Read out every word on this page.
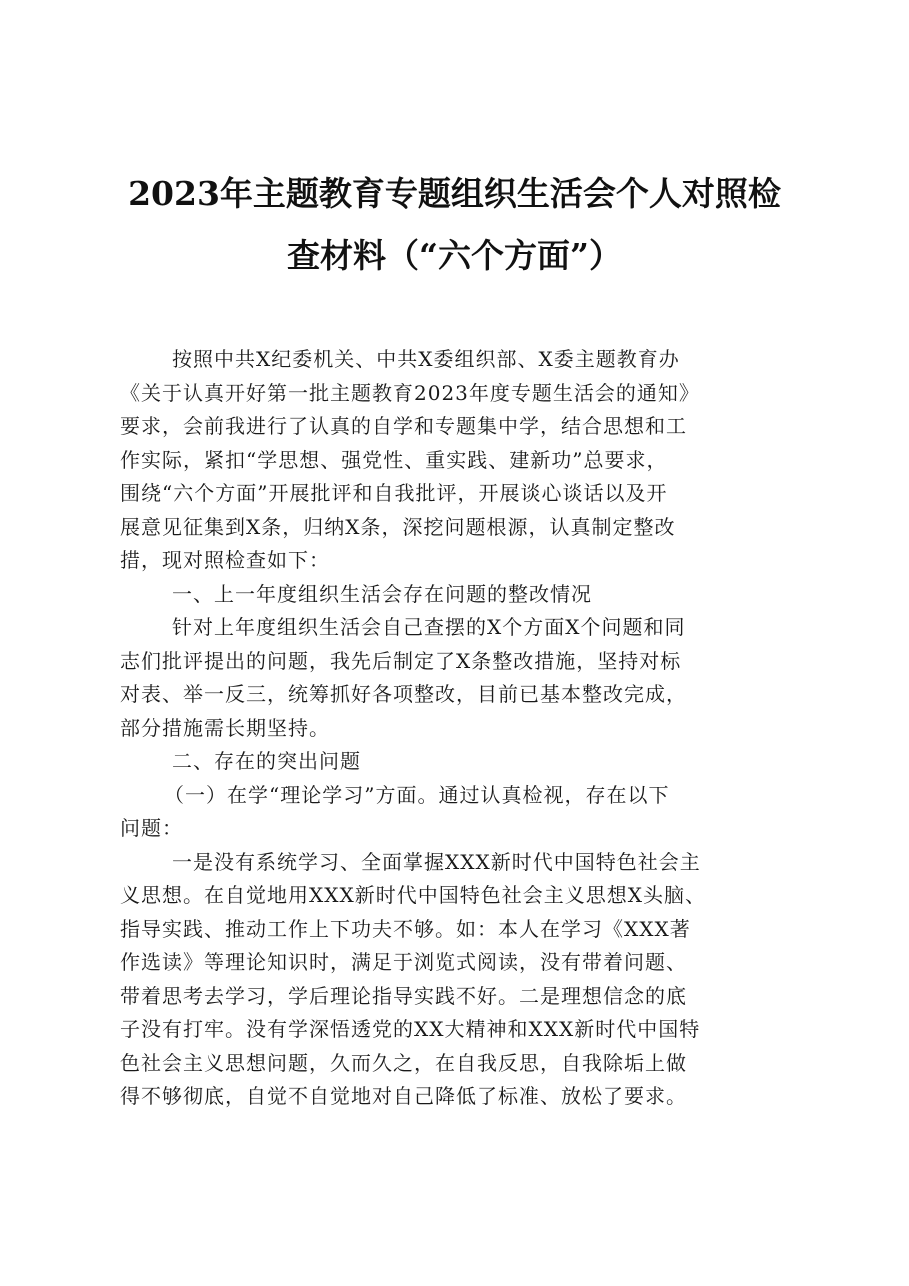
2023年主题教育专题组织生活会个人对照检
查材料（“六个方面”）
按照中共X纪委机关、中共X委组织部、X委主题教育办
《关于认真开好第一批主题教育2023年度专题生活会的通知》
要求，会前我进行了认真的自学和专题集中学，结合思想和工
作实际，紧扣“学思想、强党性、重实践、建新功”总要求，
围绕“六个方面”开展批评和自我批评，开展谈心谈话以及开
展意见征集到X条，归纳X条，深挖问题根源，认真制定整改
措，现对照检查如下：
一、上一年度组织生活会存在问题的整改情况
针对上年度组织生活会自己查摆的X个方面X个问题和同
志们批评提出的问题，我先后制定了X条整改措施，坚持对标
对表、举一反三，统筹抓好各项整改，目前已基本整改完成，
部分措施需长期坚持。
二、存在的突出问题
（一）在学“理论学习”方面。通过认真检视，存在以下
问题：
一是没有系统学习、全面掌握XXX新时代中国特色社会主
义思想。在自觉地用XXX新时代中国特色社会主义思想X头脑、
指导实践、推动工作上下功夫不够。如：本人在学习《XXX著
作选读》等理论知识时，满足于浏览式阅读，没有带着问题、
带着思考去学习，学后理论指导实践不好。二是理想信念的底
子没有打牢。没有学深悟透党的XX大精神和XXX新时代中国特
色社会主义思想问题，久而久之，在自我反思，自我除垢上做
得不够彻底，自觉不自觉地对自己降低了标准、放松了要求。
